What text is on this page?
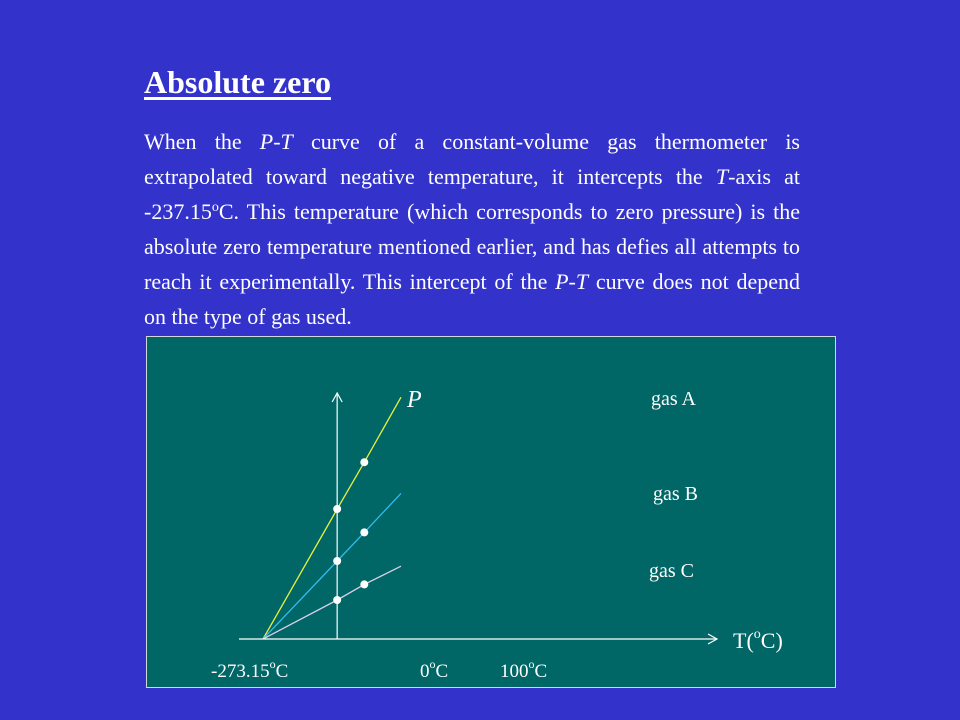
Absolute zero

When the P-T curve of a constant-volume gas thermometer is extrapolated toward negative temperature, it intercepts the T-axis at -237.15$^o$C. This temperature (which corresponds to zero pressure) is the absolute zero temperature mentioned earlier, and has defies all attempts to reach it experimentally. This intercept of the P-T curve does not depend on the type of gas used.

P
T($^o$C)
gas A
gas B
gas C
-273.15$^o$C	0$^o$C	100$^o$C
